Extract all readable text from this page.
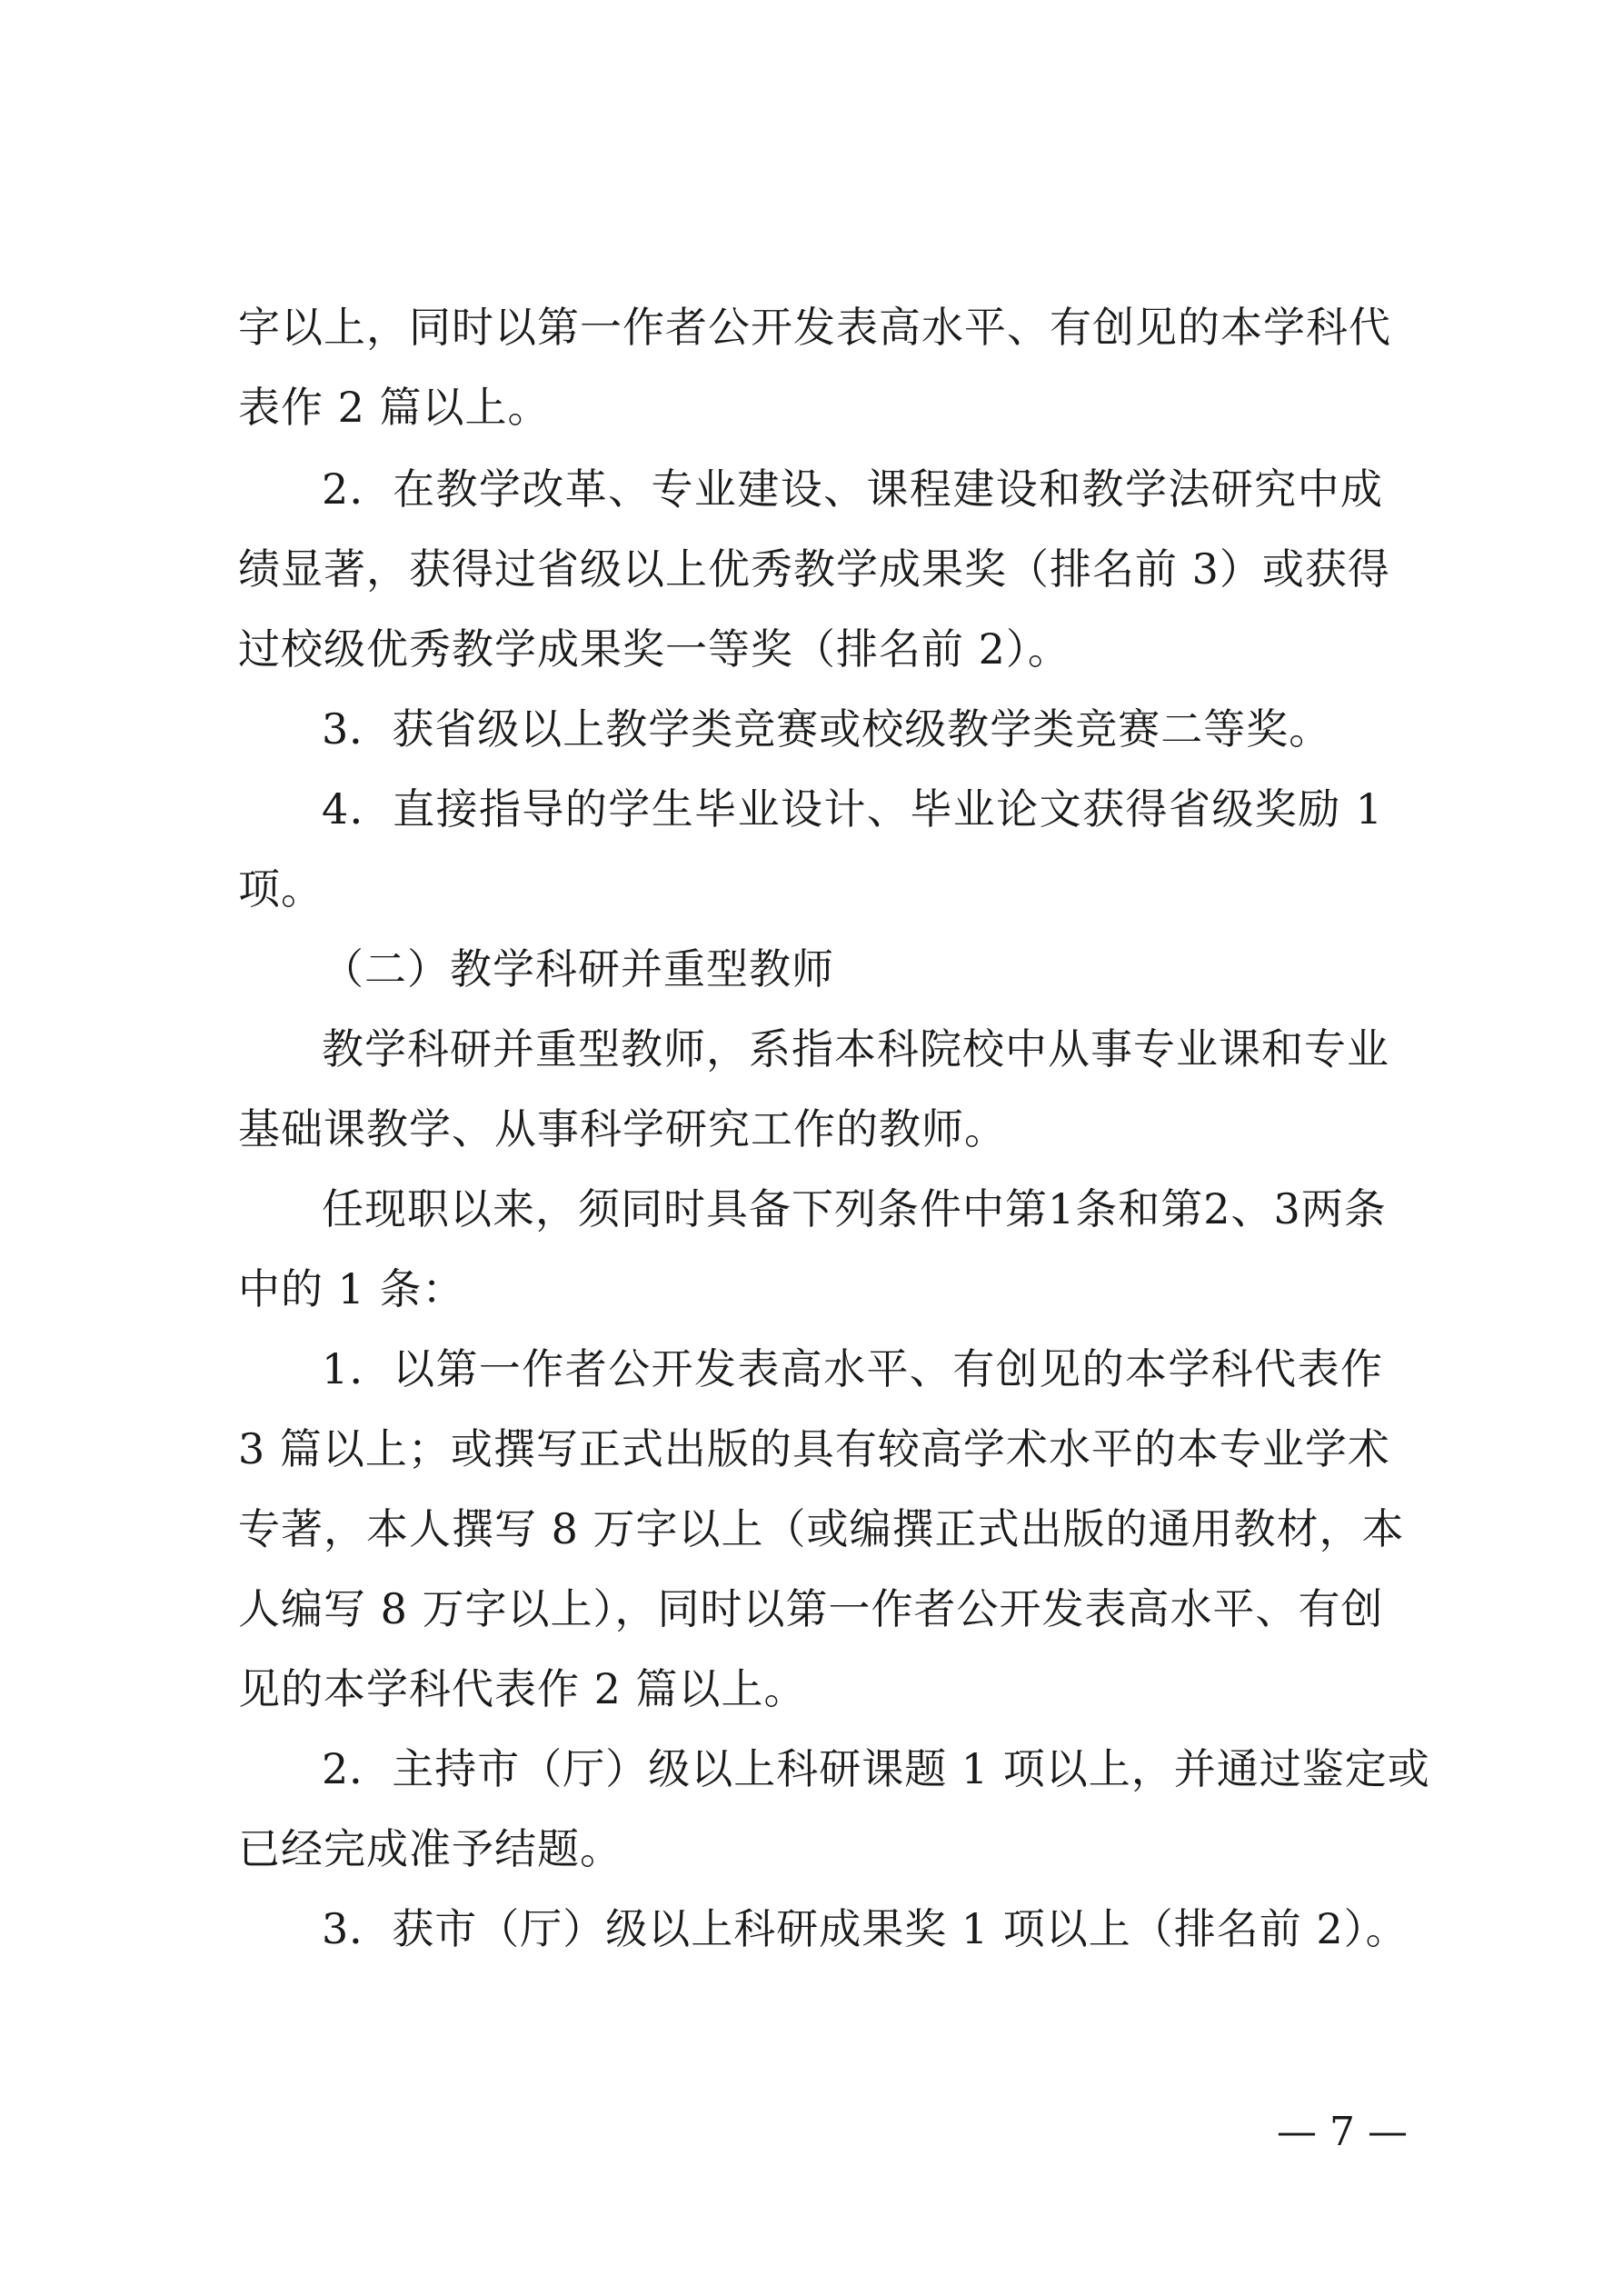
字以上，同时以第一作者公开发表高水平、有创见的本学科代
表作 2 篇以上。
2．在教学改革、专业建设、课程建设和教学法研究中成
绩显著，获得过省级以上优秀教学成果奖（排名前 3）或获得
过校级优秀教学成果奖一等奖（排名前 2）。
3．获省级以上教学类竞赛或校级教学类竞赛二等奖。
4．直接指导的学生毕业设计、毕业论文获得省级奖励 1
项。
（二）教学科研并重型教师
教学科研并重型教师，系指本科院校中从事专业课和专业
基础课教学、从事科学研究工作的教师。
任现职以来，须同时具备下列条件中第1条和第2、3两条
中的 1 条：
1．以第一作者公开发表高水平、有创见的本学科代表作
3 篇以上；或撰写正式出版的具有较高学术水平的本专业学术
专著，本人撰写 8 万字以上（或编撰正式出版的通用教材，本
人编写 8 万字以上），同时以第一作者公开发表高水平、有创
见的本学科代表作 2 篇以上。
2．主持市（厅）级以上科研课题 1 项以上，并通过鉴定或
已经完成准予结题。
3．获市（厅）级以上科研成果奖 1 项以上（排名前 2）。
— 7 —
